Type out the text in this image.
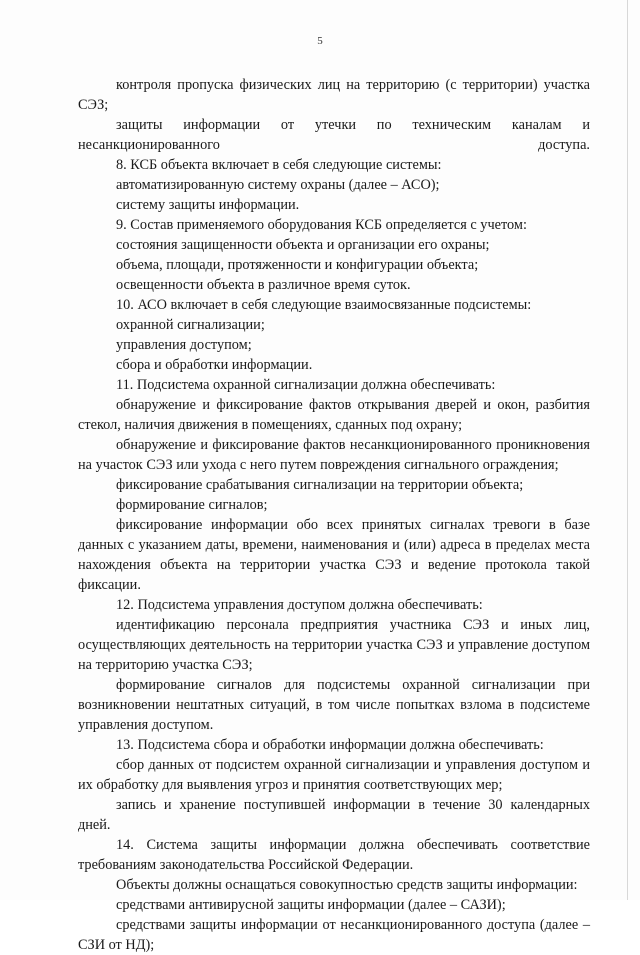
5

контроля пропуска физических лиц на территорию (с территории) участка СЭЗ;

защиты информации от утечки по техническим каналам и несанкционированного доступа.

8. КСБ объекта включает в себя следующие системы:

автоматизированную систему охраны (далее – АСО);

систему защиты информации.

9. Состав применяемого оборудования КСБ определяется с учетом:

состояния защищенности объекта и организации его охраны;

объема, площади, протяженности и конфигурации объекта;

освещенности объекта в различное время суток.

10. АСО включает в себя следующие взаимосвязанные подсистемы:

охранной сигнализации;

управления доступом;

сбора и обработки информации.

11. Подсистема охранной сигнализации должна обеспечивать:

обнаружение и фиксирование фактов открывания дверей и окон, разбития стекол, наличия движения в помещениях, сданных под охрану;

обнаружение и фиксирование фактов несанкционированного проникновения на участок СЭЗ или ухода с него путем повреждения сигнального ограждения;

фиксирование срабатывания сигнализации на территории объекта;

формирование сигналов;

фиксирование информации обо всех принятых сигналах тревоги в базе данных с указанием даты, времени, наименования и (или) адреса в пределах места нахождения объекта на территории участка СЭЗ и ведение протокола такой фиксации.

12. Подсистема управления доступом должна обеспечивать:

идентификацию персонала предприятия участника СЭЗ и иных лиц, осуществляющих деятельность на территории участка СЭЗ и управление доступом на территорию участка СЭЗ;

формирование сигналов для подсистемы охранной сигнализации при возникновении нештатных ситуаций, в том числе попытках взлома в подсистеме управления доступом.

13. Подсистема сбора и обработки информации должна обеспечивать:

сбор данных от подсистем охранной сигнализации и управления доступом и их обработку для выявления угроз и принятия соответствующих мер;

запись и хранение поступившей информации в течение 30 календарных дней.

14. Система защиты информации должна обеспечивать соответствие требованиям законодательства Российской Федерации.

Объекты должны оснащаться совокупностью средств защиты информации:

средствами антивирусной защиты информации (далее – САЗИ);

средствами защиты информации от несанкционированного доступа (далее – СЗИ от НД);
